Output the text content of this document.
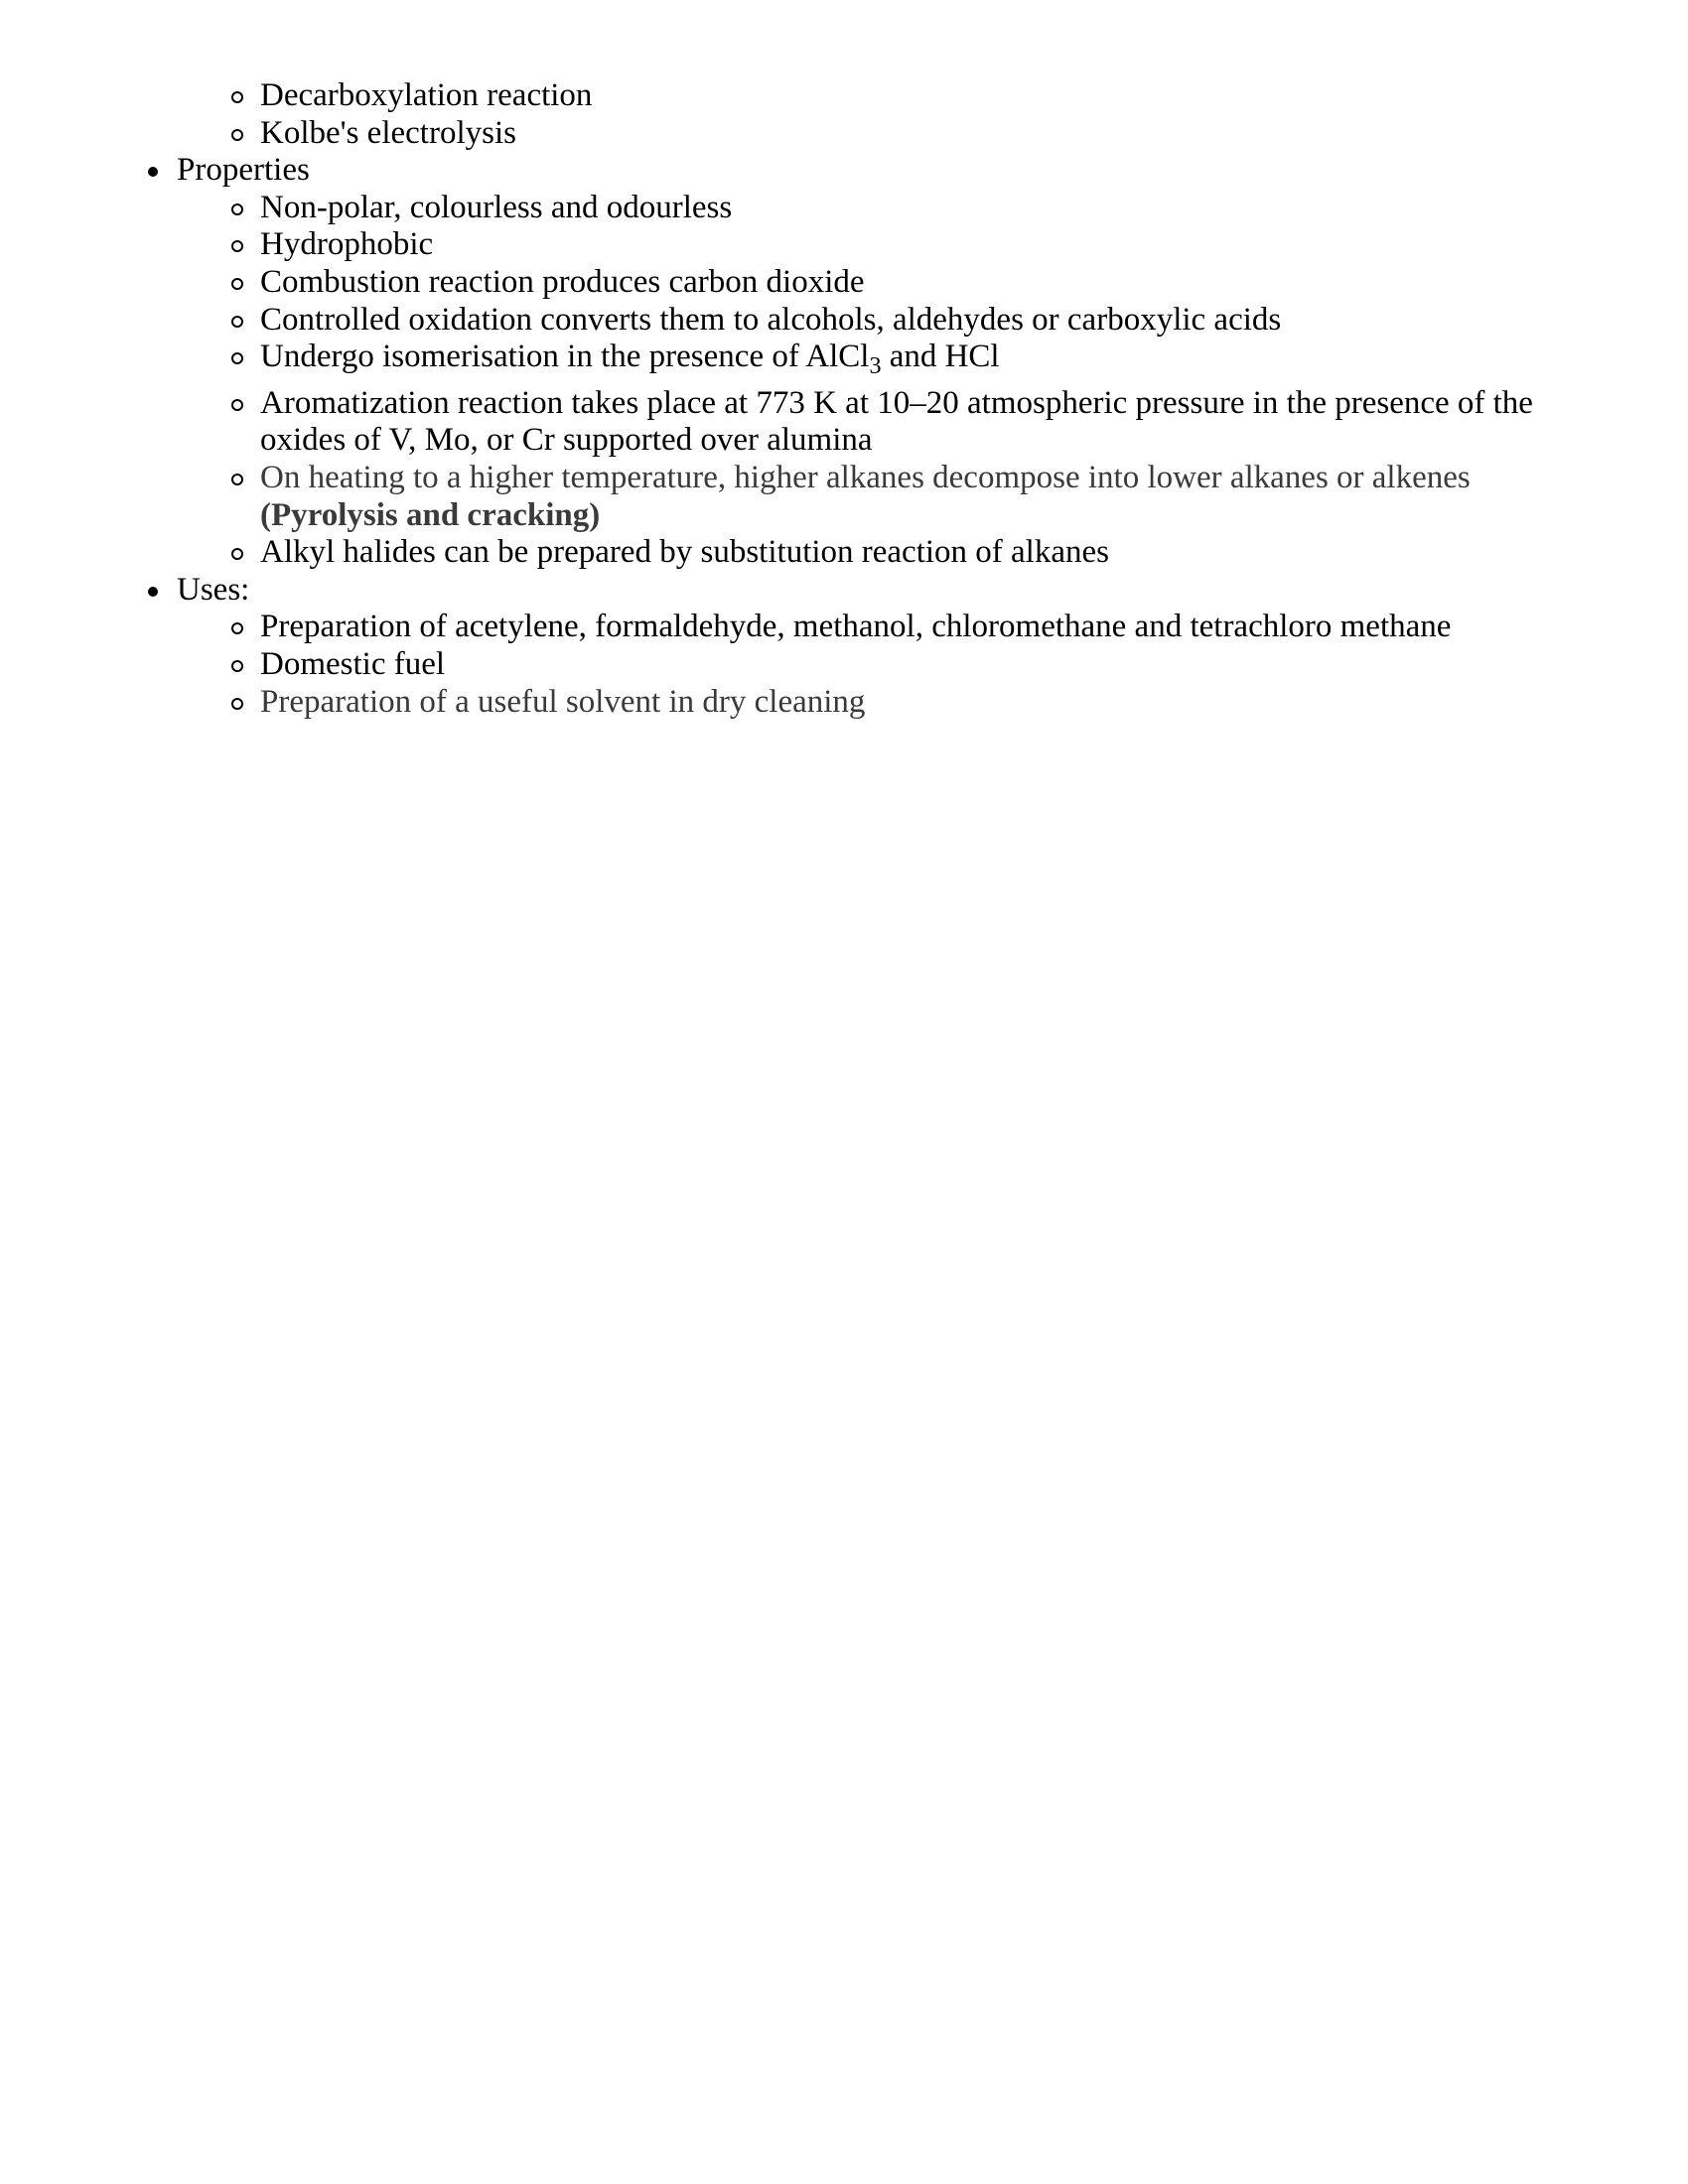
Decarboxylation reaction
Kolbe's electrolysis
Properties
Non-polar, colourless and odourless
Hydrophobic
Combustion reaction produces carbon dioxide
Controlled oxidation converts them to alcohols, aldehydes or carboxylic acids
Undergo isomerisation in the presence of AlCl$_3$ and HCl
Aromatization reaction takes place at 773 K at 10–20 atmospheric pressure in the presence of the oxides of V, Mo, or Cr supported over alumina
On heating to a higher temperature, higher alkanes decompose into lower alkanes or alkenes (Pyrolysis and cracking)
Alkyl halides can be prepared by substitution reaction of alkanes
Uses:
Preparation of acetylene, formaldehyde, methanol, chloromethane and tetrachloro methane
Domestic fuel
Preparation of a useful solvent in dry cleaning
